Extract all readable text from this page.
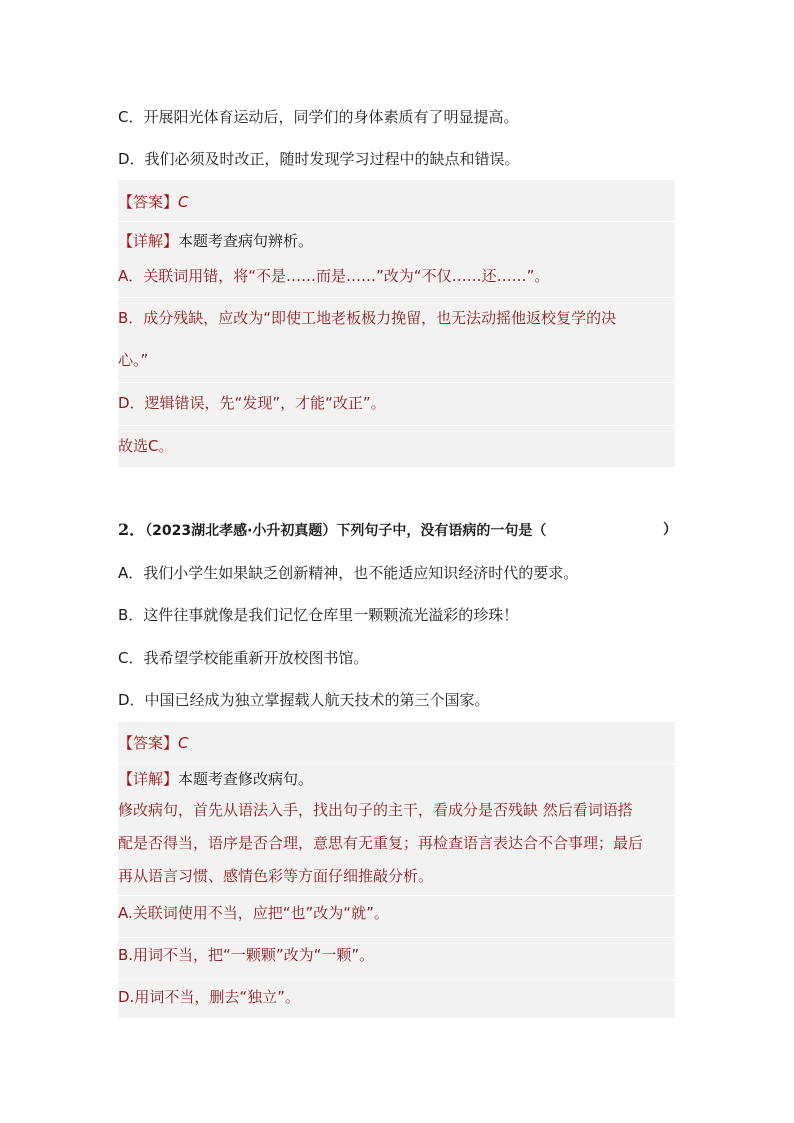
C．开展阳光体育运动后，同学们的身体素质有了明显提高。
D．我们必须及时改正，随时发现学习过程中的缺点和错误。
【答案】C
【详解】本题考查病句辨析。
A．关联词用错，将“不是……而是……”改为“不仅……还……”。
B．成分残缺，应改为“即使工地老板极力挽留，也无法动摇他返校复学的决
心。”
D．逻辑错误，先“发现”，才能“改正”。
故选C。
2．（2023湖北孝感·小升初真题）下列句子中，没有语病的一句是（	）
A．我们小学生如果缺乏创新精神，也不能适应知识经济时代的要求。
B．这件往事就像是我们记忆仓库里一颗颗流光溢彩的珍珠！
C．我希望学校能重新开放校图书馆。
D．中国已经成为独立掌握载人航天技术的第三个国家。
【答案】C
【详解】本题考查修改病句。
修改病句，首先从语法入手，找出句子的主干，看成分是否残缺 然后看词语搭
配是否得当，语序是否合理，意思有无重复；再检查语言表达合不合事理；最后
再从语言习惯、感情色彩等方面仔细推敲分析。
A.关联词使用不当，应把“也”改为“就”。
B.用词不当，把“一颗颗”改为“一颗”。
D.用词不当，删去“独立”。
